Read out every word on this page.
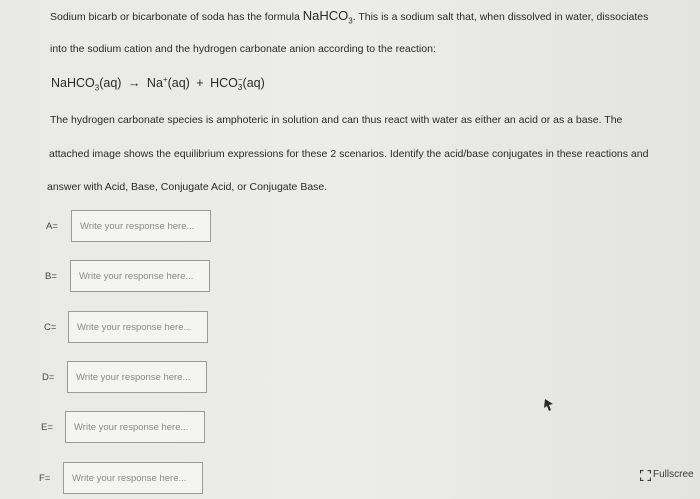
Sodium bicarb or bicarbonate of soda has the formula NaHCO$_3$. This is a sodium salt that, when dissolved in water, dissociates
into the sodium cation and the hydrogen carbonate anion according to the reaction:
NaHCO$_3$(aq) → Na+(aq) + HCO −
3 (aq)
The hydrogen carbonate species is amphoteric in solution and can thus react with water as either an acid or as a base. The
attached image shows the equilibrium expressions for these 2 scenarios. Identify the acid/base conjugates in these reactions and
answer with Acid, Base, Conjugate Acid, or Conjugate Base.
A=
Write your response here...
B=
Write your response here...
C=
Write your response here...
D=
Write your response here...
E=
Write your response here...
F=
Write your response here...	Fullscree
